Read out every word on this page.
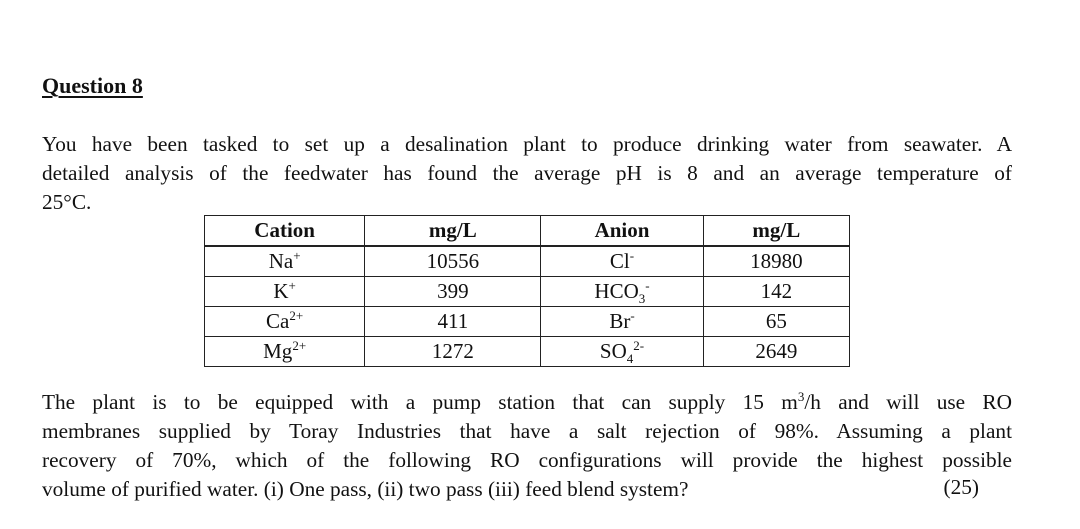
Question 8
You have been tasked to set up a desalination plant to produce drinking water from seawater. A
detailed analysis of the feedwater has found the average pH is 8 and an average temperature of
25°C.
Cation	mg/L	Anion	mg/L
Na+	10556	Cl-	18980
K+	399	$HCO_3^-$	142
$Ca^{2+}$	411	Br-	65
$Mg^{2+}$	1272	$SO_4^{2-}$	2649
The plant is to be equipped with a pump station that can supply 15 $m^3/h$ and will use RO
membranes supplied by Toray Industries that have a salt rejection of 98%. Assuming a plant
recovery of 70%, which of the following RO configurations will provide the highest possible
volume of purified water. (i) One pass, (ii) two pass (iii) feed blend system?	(25)
